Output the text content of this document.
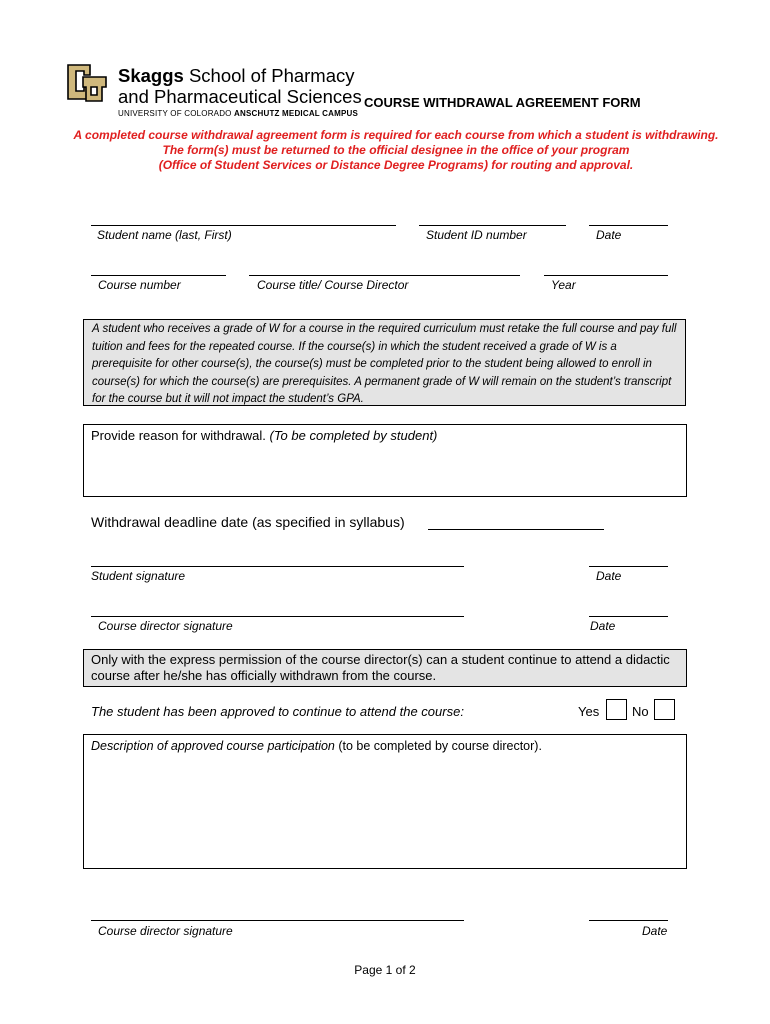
Skaggs School of Pharmacy
and Pharmaceutical Sciences
UNIVERSITY OF COLORADO ANSCHUTZ MEDICAL CAMPUS
COURSE WITHDRAWAL AGREEMENT FORM
A completed course withdrawal agreement form is required for each course from which a student is withdrawing.
The form(s) must be returned to the official designee in the office of your program
(Office of Student Services or Distance Degree Programs) for routing and approval.
Student name (last, First)	Student ID number	Date
Course number	Course title/ Course Director	Year
A student who receives a grade of W for a course in the required curriculum must retake the full course and pay full tuition and fees for the repeated course. If the course(s) in which the student received a grade of W is a prerequisite for other course(s), the course(s) must be completed prior to the student being allowed to enroll in course(s) for which the course(s) are prerequisites. A permanent grade of W will remain on the student’s transcript for the course but it will not impact the student’s GPA.
Provide reason for withdrawal. (To be completed by student)
Withdrawal deadline date (as specified in syllabus)
Student signature	Date
Course director signature	Date
Only with the express permission of the course director(s) can a student continue to attend a didactic course after he/she has officially withdrawn from the course.
The student has been approved to continue to attend the course:	Yes	No
Description of approved course participation (to be completed by course director).
Course director signature	Date
Page 1 of 2
